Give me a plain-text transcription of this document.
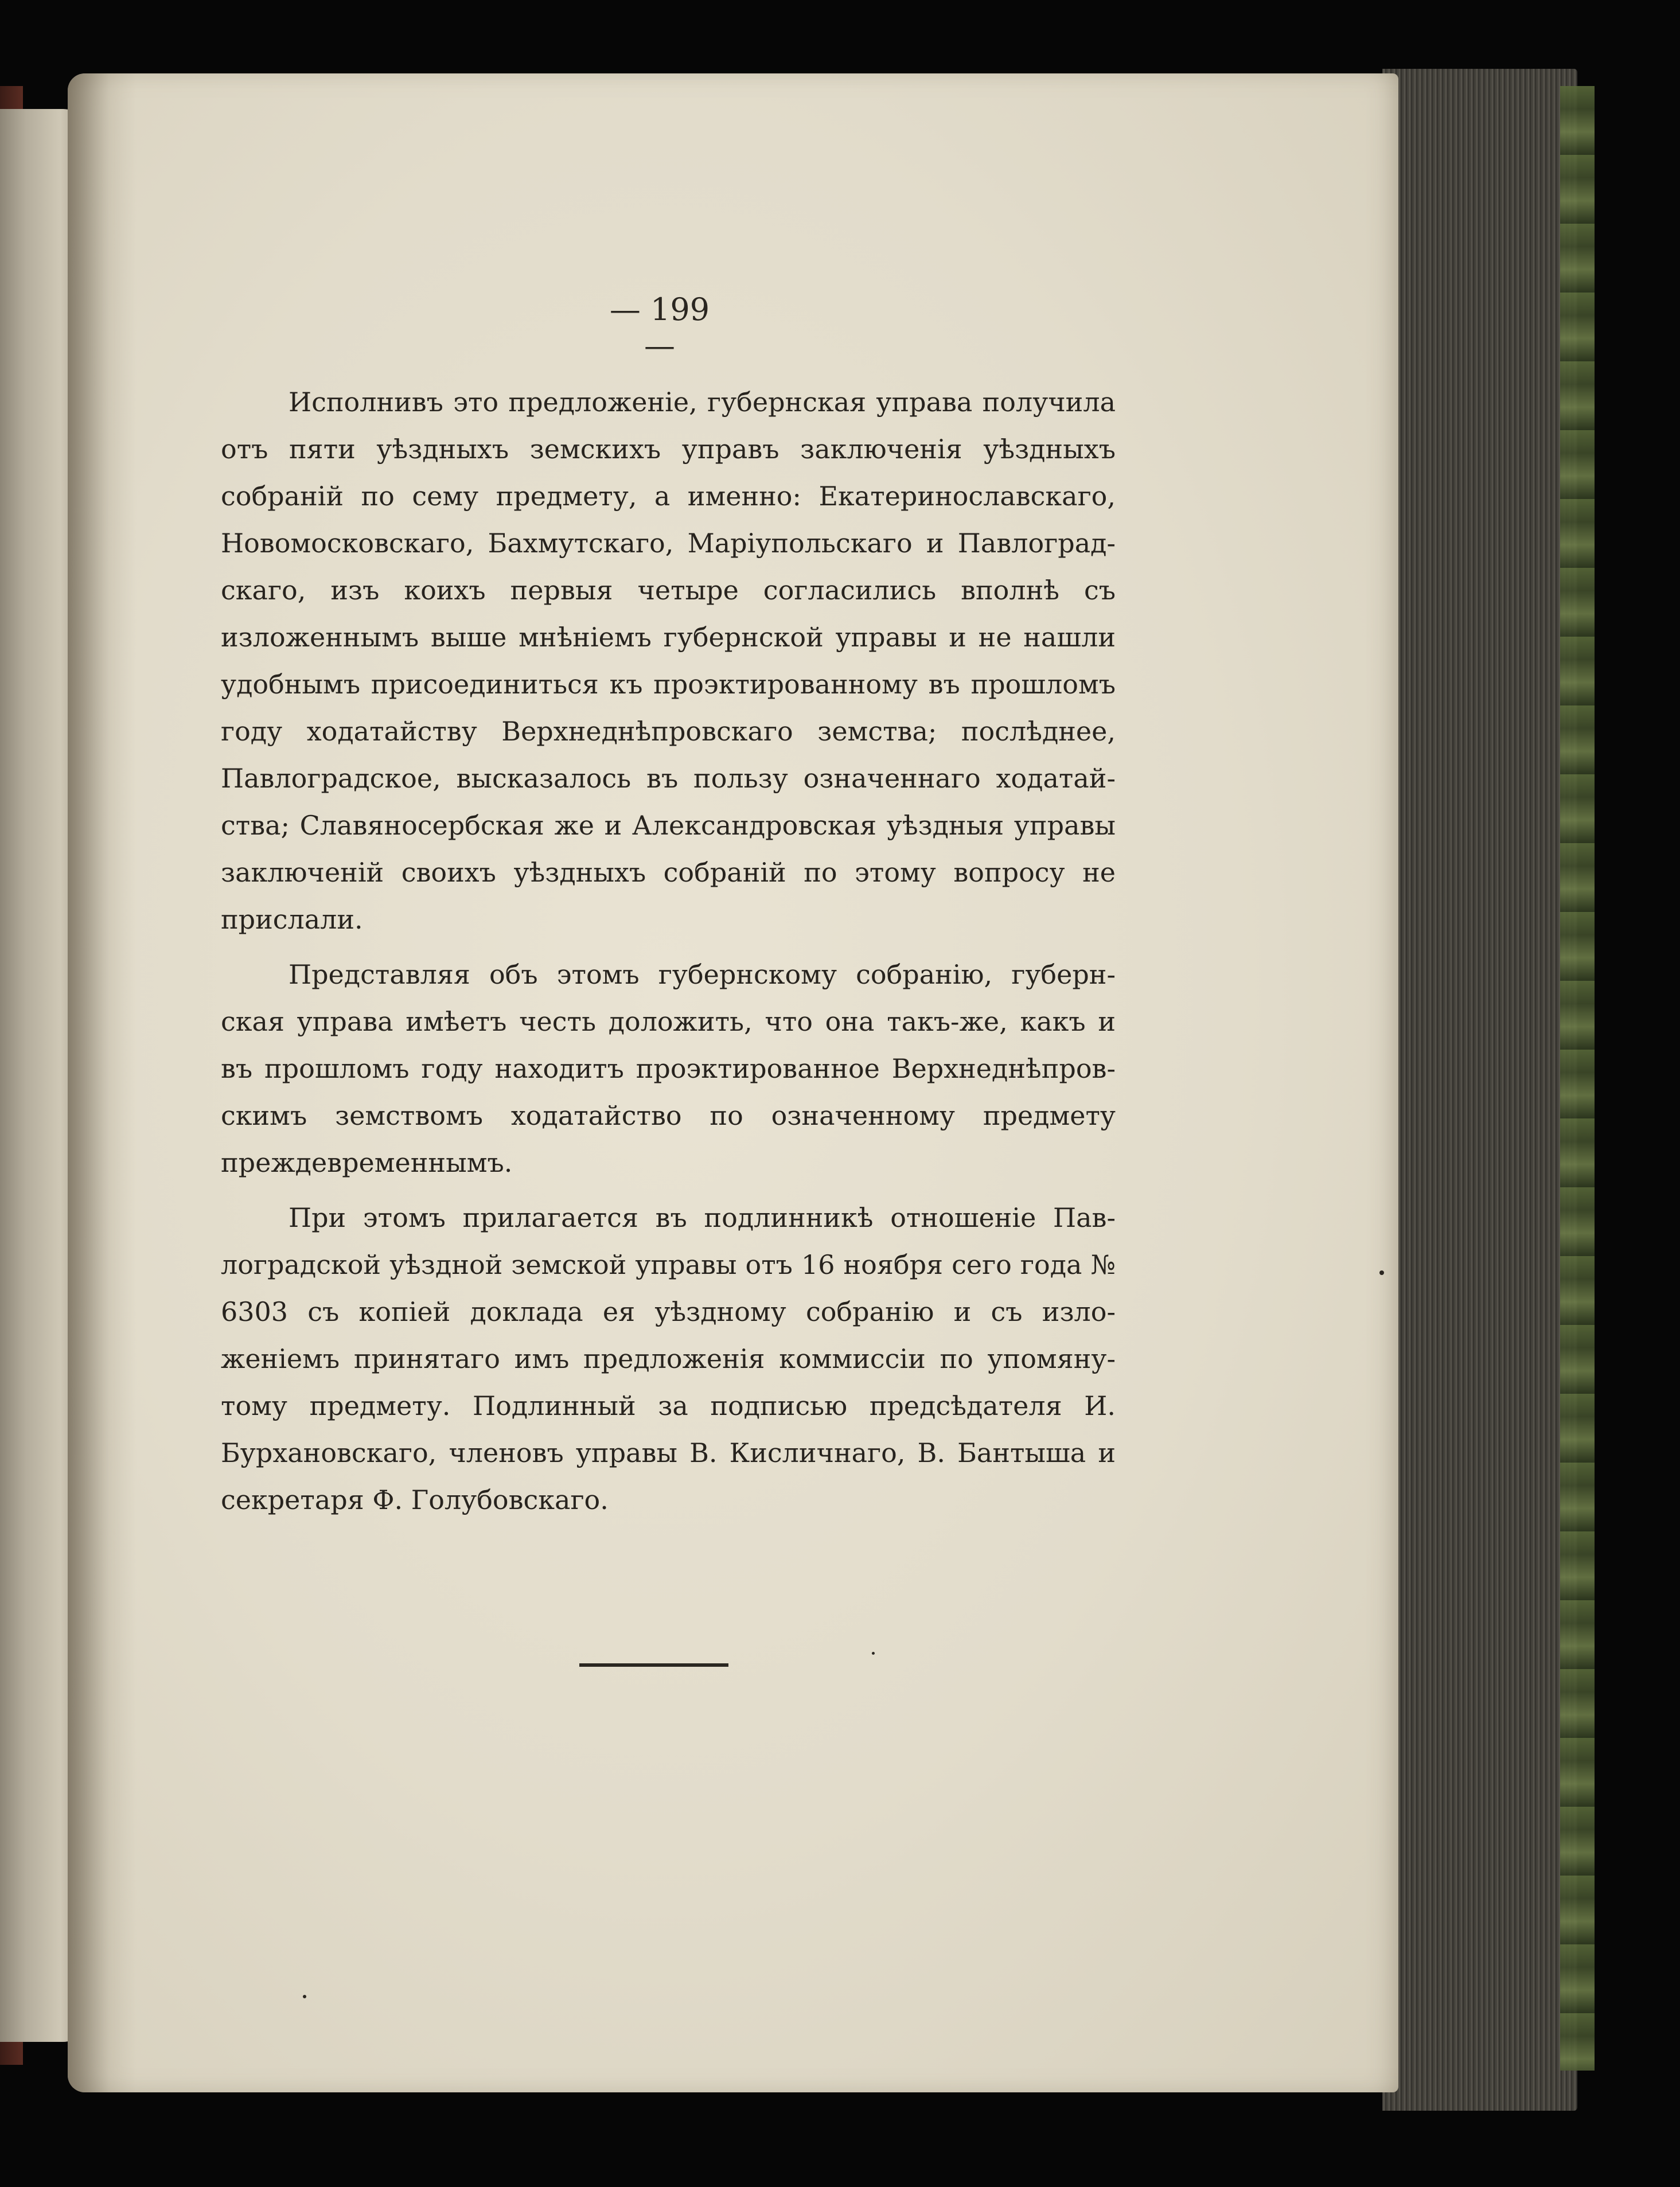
— 199 —

Исполнивъ это предложеніе, губернская управа получила отъ пяти уѣздныхъ земскихъ управъ заключенія уѣздныхъ собраній по сему предмету, а именно: Екатеринославскаго, Новомосковскаго, Бахмутскаго, Маріупольскаго и Павлоградскаго, изъ коихъ первыя четыре согласились вполнѣ съ изложеннымъ выше мнѣніемъ губернской управы и не нашли удобнымъ присоединиться къ проэктированному въ прошломъ году ходатайству Верхнеднѣпровскаго земства; послѣднее, Павлоградское, высказалось въ пользу означеннаго ходатайства; Славяносербская же и Александровская уѣздныя управы заключеній своихъ уѣздныхъ собраній по этому вопросу не прислали.

Представляя объ этомъ губернскому собранію, губернская управа имѣетъ честь доложить, что она такъ-же, какъ и въ прошломъ году находитъ проэктированное Верхнеднѣпровскимъ земствомъ ходатайство по означенному предмету преждевременнымъ.

При этомъ прилагается въ подлинникѣ отношеніе Павлоградской уѣздной земской управы отъ 16 ноября сего года № 6303 съ копіей доклада ея уѣздному собранію и съ изложеніемъ принятаго имъ предложенія коммиссіи по упомянутому предмету. Подлинный за подписью предсѣдателя И. Бурхановскаго, членовъ управы В. Кисличнаго, В. Бантыша и секретаря Ф. Голубовскаго.
